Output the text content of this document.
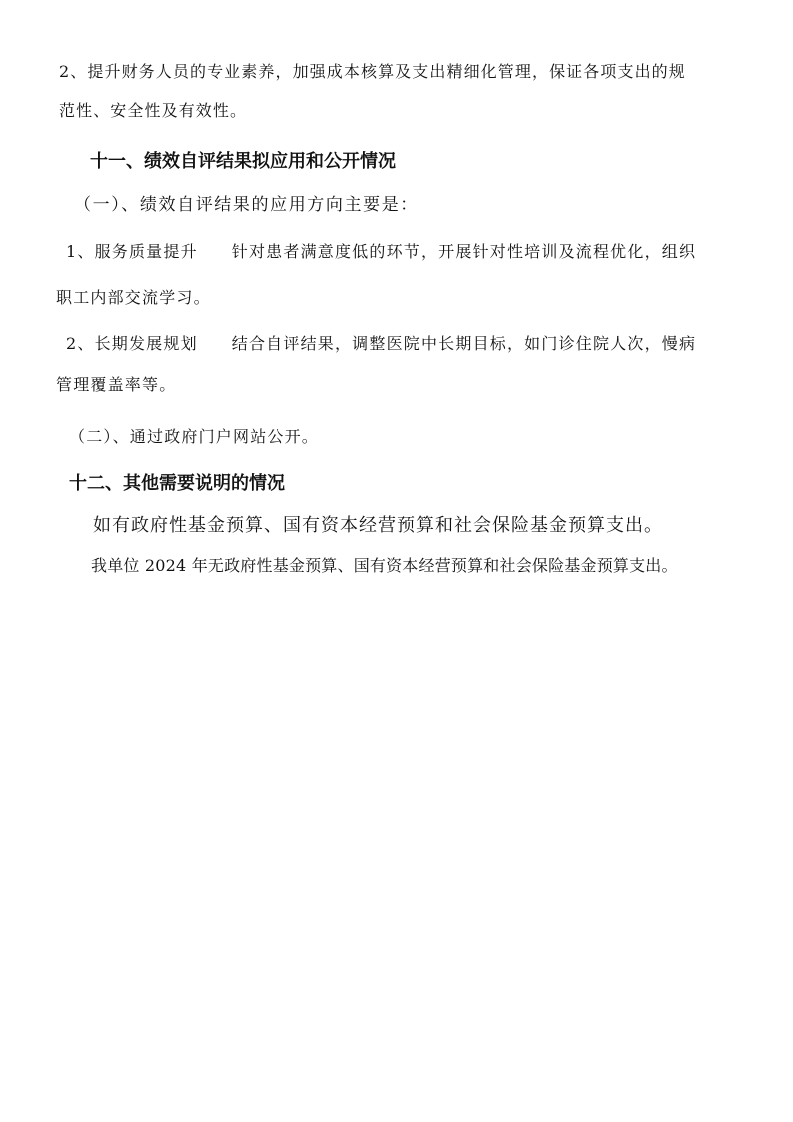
2、提升财务人员的专业素养，加强成本核算及支出精细化管理，保证各项支出的规
范性、安全性及有效性。
十一、绩效自评结果拟应用和公开情况
（一）、绩效自评结果的应用方向主要是：
1、服务质量提升 针对患者满意度低的环节，开展针对性培训及流程优化，组织
职工内部交流学习。
2、长期发展规划 结合自评结果，调整医院中长期目标，如门诊住院人次，慢病
管理覆盖率等。
（二）、通过政府门户网站公开。
十二、其他需要说明的情况
如有政府性基金预算、国有资本经营预算和社会保险基金预算支出。
我单位 2024 年无政府性基金预算、国有资本经营预算和社会保险基金预算支出。
